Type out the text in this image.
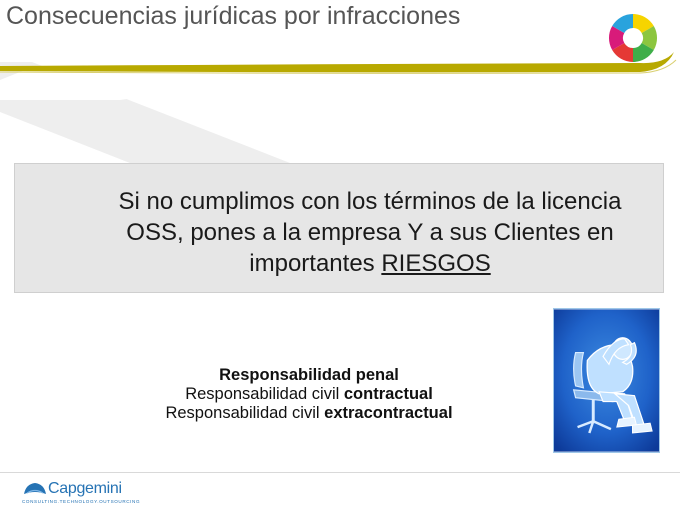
Consecuencias jurídicas por infracciones
Si no cumplimos con los términos de la licencia OSS, pones a la empresa Y a sus Clientes en importantes RIESGOS
Responsabilidad penal
Responsabilidad civil contractual
Responsabilidad civil extracontractual
Capgemini
CONSULTING.TECHNOLOGY.OUTSOURCING
